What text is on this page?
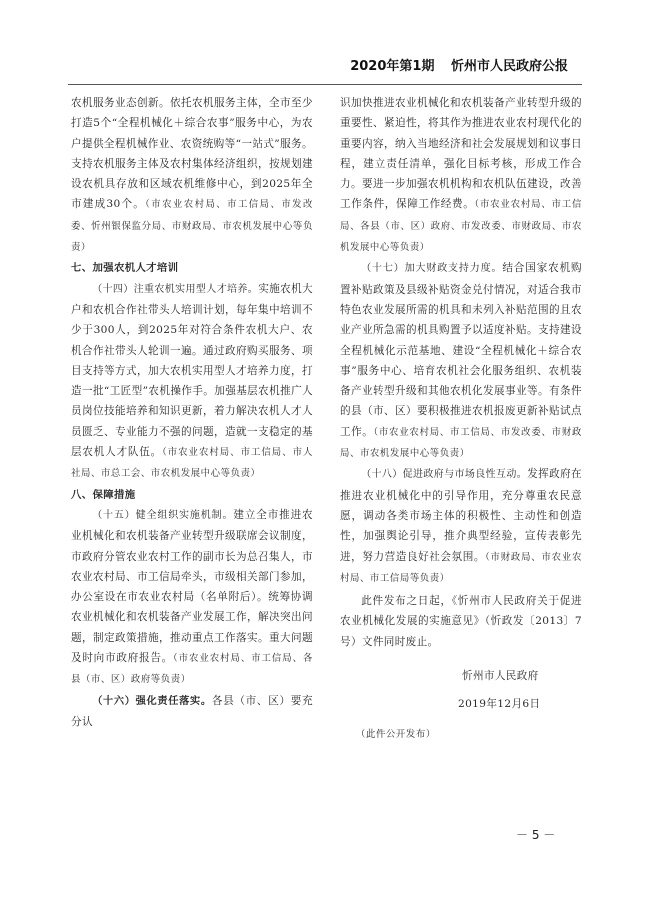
2020年第1期 忻州市人民政府公报

农机服务业态创新。依托农机服务主体，全市至少打造5个“全程机械化＋综合农事”服务中心，为农户提供全程机械作业、农资统购等“一站式”服务。支持农机服务主体及农村集体经济组织，按规划建设农机具存放和区域农机维修中心，到2025年全市建成30个。（市农业农村局、市工信局、市发改委、忻州银保监分局、市财政局、市农机发展中心等负责）

七、加强农机人才培训

（十四）注重农机实用型人才培养。实施农机大户和农机合作社带头人培训计划，每年集中培训不少于300人，到2025年对符合条件农机大户、农机合作社带头人轮训一遍。通过政府购买服务、项目支持等方式，加大农机实用型人才培养力度，打造一批“工匠型”农机操作手。加强基层农机推广人员岗位技能培养和知识更新，着力解决农机人才人员匮乏、专业能力不强的问题，造就一支稳定的基层农机人才队伍。（市农业农村局、市工信局、市人社局、市总工会、市农机发展中心等负责）

八、保障措施

（十五）健全组织实施机制。建立全市推进农业机械化和农机装备产业转型升级联席会议制度，市政府分管农业农村工作的副市长为总召集人，市农业农村局、市工信局牵头，市级相关部门参加，办公室设在市农业农村局（名单附后）。统筹协调农业机械化和农机装备产业发展工作，解决突出问题，制定政策措施，推动重点工作落实。重大问题及时向市政府报告。（市农业农村局、市工信局、各县（市、区）政府等负责）

（十六）强化责任落实。各县（市、区）要充分认

识加快推进农业机械化和农机装备产业转型升级的重要性、紧迫性，将其作为推进农业农村现代化的重要内容，纳入当地经济和社会发展规划和议事日程，建立责任清单，强化目标考核，形成工作合力。要进一步加强农机机构和农机队伍建设，改善工作条件，保障工作经费。（市农业农村局、市工信局、各县（市、区）政府、市发改委、市财政局、市农机发展中心等负责）

（十七）加大财政支持力度。结合国家农机购置补贴政策及县级补贴资金兑付情况，对适合我市特色农业发展所需的机具和未列入补贴范围的且农业产业所急需的机具购置予以适度补贴。支持建设全程机械化示范基地、建设“全程机械化＋综合农事”服务中心、培育农机社会化服务组织、农机装备产业转型升级和其他农机化发展事业等。有条件的县（市、区）要积极推进农机报废更新补贴试点工作。（市农业农村局、市工信局、市发改委、市财政局、市农机发展中心等负责）

（十八）促进政府与市场良性互动。发挥政府在推进农业机械化中的引导作用，充分尊重农民意愿，调动各类市场主体的积极性、主动性和创造性，加强舆论引导，推介典型经验，宣传表彰先进，努力营造良好社会氛围。（市财政局、市农业农村局、市工信局等负责）

此件发布之日起，《忻州市人民政府关于促进农业机械化发展的实施意见》（忻政发〔2013〕7号）文件同时废止。

忻州市人民政府

2019年12月6日

（此件公开发布）

－ 5 －
